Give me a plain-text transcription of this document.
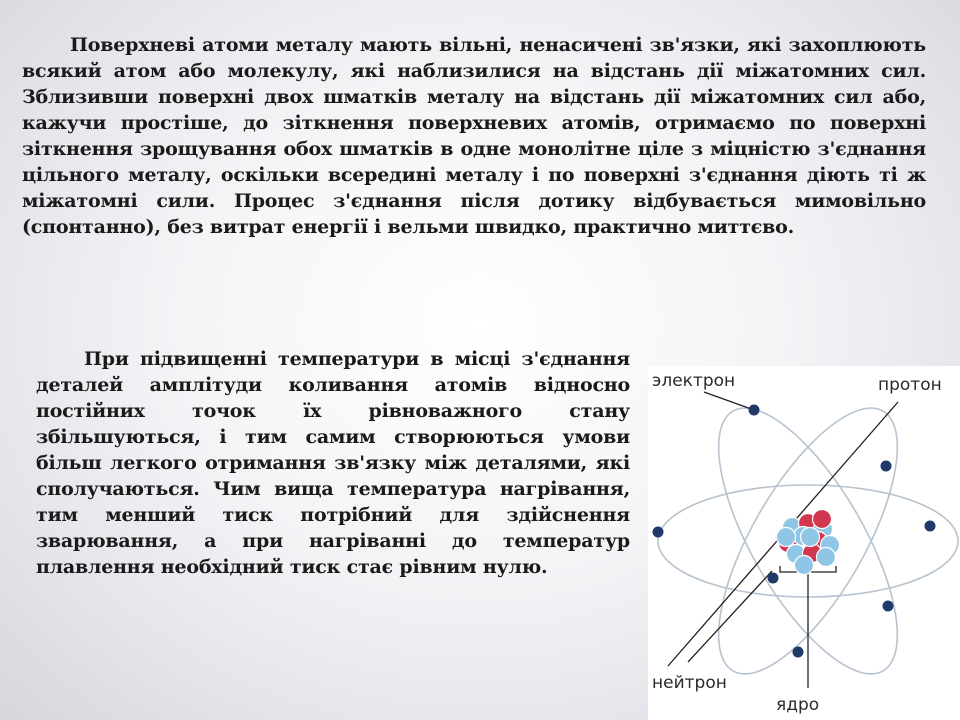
Поверхневі атоми металу мають вільні, ненасичені зв'язки, які захоплюють всякий атом або молекулу, які наблизилися на відстань дії міжатомних сил. Зблизивши поверхні двох шматків металу на відстань дії міжатомних сил або, кажучи простіше, до зіткнення поверхневих атомів, отримаємо по поверхні зіткнення зрощування обох шматків в одне монолітне ціле з міцністю з'єднання цільного металу, оскільки всередині металу і по поверхні з'єднання діють ті ж міжатомні сили. Процес з'єднання після дотику відбувається мимовільно (спонтанно), без витрат енергії і вельми швидко, практично миттєво.

При підвищенні температури в місці з'єднання деталей амплітуди коливання атомів відносно постійних точок їх рівноважного стану збільшуються, і тим самим створюються умови більш легкого отримання зв'язку між деталями, які сполучаються. Чим вища температура нагрівання, тим менший тиск потрібний для здійснення зварювання, а при нагріванні до температур плавлення необхідний тиск стає рівним нулю.

электрон	протон
нейтрон
ядро
